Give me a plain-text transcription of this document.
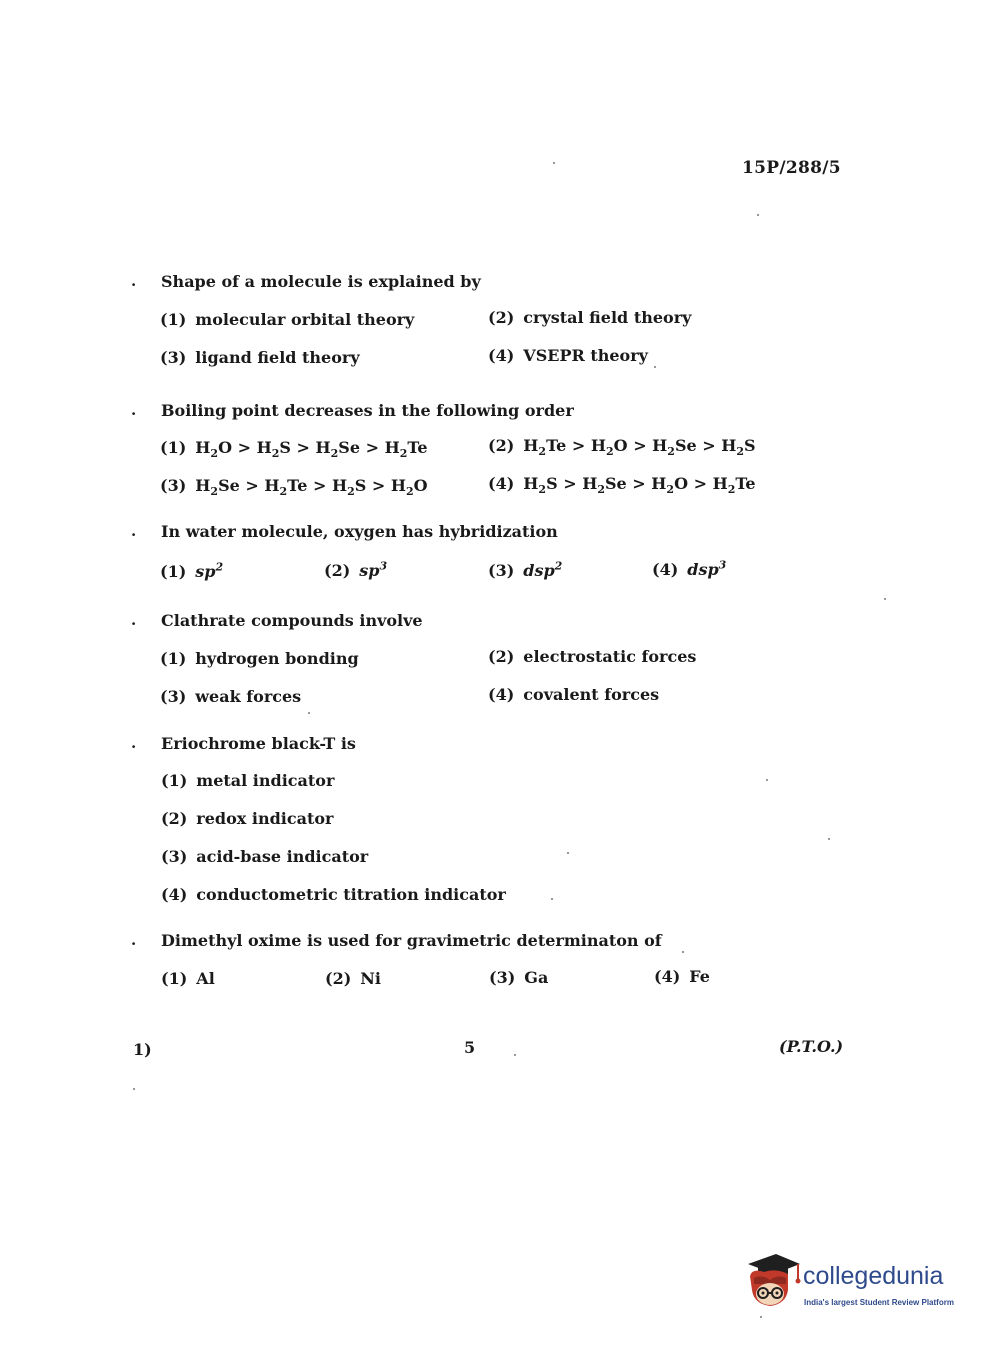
15P/288/5
. Shape of a molecule is explained by
(1) molecular orbital theory	(2) crystal field theory
(3) ligand field theory	(4) VSEPR theory
. Boiling point decreases in the following order
(1) $H_2O > H_2S > H_2Se > H_2Te$	(2) $H_2Te > H_2O > H_2Se > H_2S$
(3) $H_2Se > H_2Te > H_2S > H_2O$	(4) $H_2S > H_2Se > H_2O > H_2Te$
. In water molecule, oxygen has hybridization
(1) $sp^2$	(2) $sp^3$	(3) dsp$^2$	(4) dsp$^3$
. Clathrate compounds involve
(1) hydrogen bonding	(2) electrostatic forces
(3) weak forces	(4) covalent forces
. Eriochrome black-T is
(1) metal indicator
(2) redox indicator
(3) acid-base indicator
(4) conductometric titration indicator
. Dimethyl oxime is used for gravimetric determinaton of
(1) Al	(2) Ni	(3) Ga	(4) Fe
1)	5	(P.T.O.)
collegedunia
India's largest Student Review Platform
